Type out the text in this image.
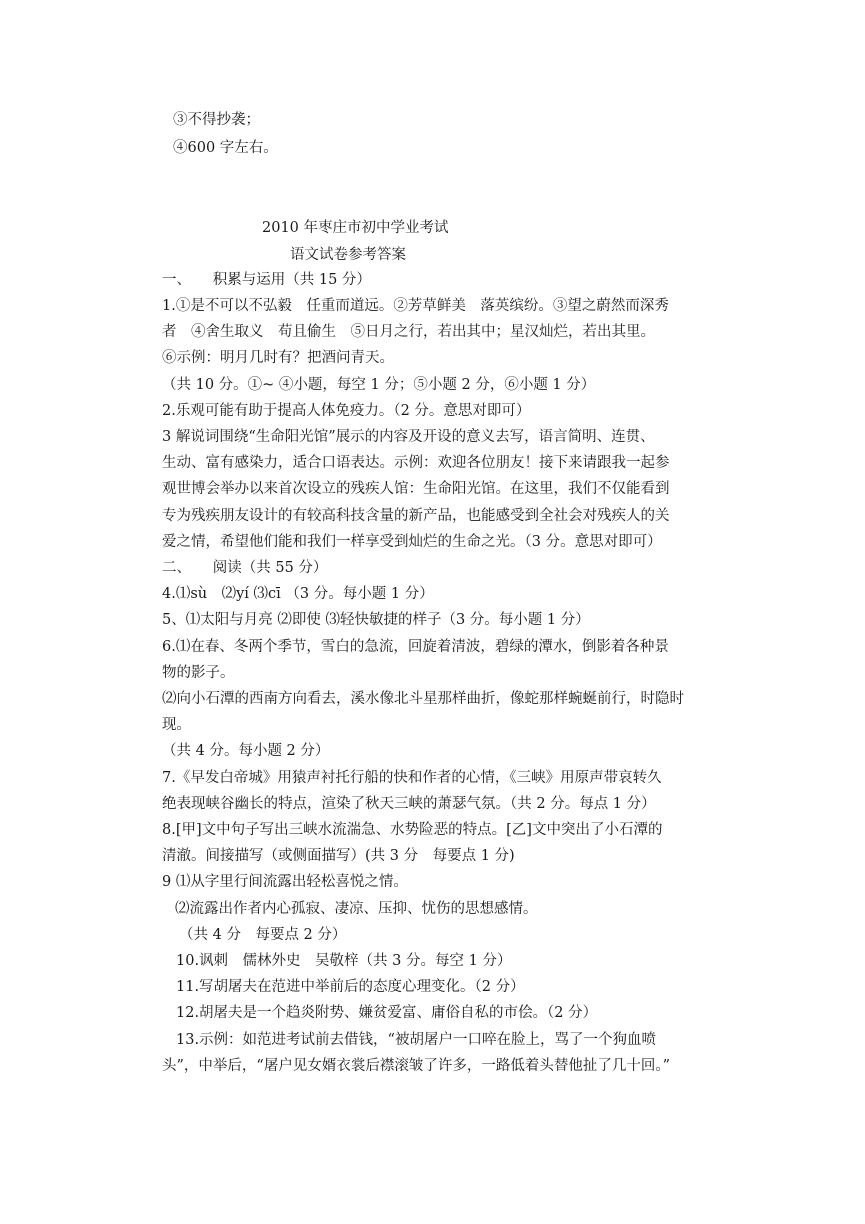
③不得抄袭；
④600 字左右。
2010 年枣庄市初中学业考试
语文试卷参考答案
一、　　积累与运用（共 15 分）
1.①是不可以不弘毅　任重而道远。②芳草鲜美　落英缤纷。③望之蔚然而深秀
者　④舍生取义　苟且偷生　⑤日月之行，若出其中；星汉灿烂，若出其里。
⑥示例：明月几时有？把酒问青天。
（共 10 分。①~ ④小题，每空 1 分；⑤小题 2 分，⑥小题 1 分）
2.乐观可能有助于提高人体免疫力。（2 分。意思对即可）
3 解说词围绕“生命阳光馆”展示的内容及开设的意义去写，语言简明、连贯、
生动、富有感染力，适合口语表达。示例：欢迎各位朋友！接下来请跟我一起参
观世博会举办以来首次设立的残疾人馆：生命阳光馆。在这里，我们不仅能看到
专为残疾朋友设计的有较高科技含量的新产品，也能感受到全社会对残疾人的关
爱之情，希望他们能和我们一样享受到灿烂的生命之光。（3 分。意思对即可）
二、　　阅读（共 55 分）
4.⑴sù　⑵yí ⑶cī （3 分。每小题 1 分）
5、⑴太阳与月亮 ⑵即使 ⑶轻快敏捷的样子（3 分。每小题 1 分）
6.⑴在春、冬两个季节，雪白的急流，回旋着清波，碧绿的潭水，倒影着各种景
物的影子。
⑵向小石潭的西南方向看去，溪水像北斗星那样曲折，像蛇那样蜿蜒前行，时隐时
现。
（共 4 分。每小题 2 分）
7.《早发白帝城》用猿声衬托行船的快和作者的心情，《三峡》用原声带哀转久
绝表现峡谷幽长的特点，渲染了秋天三峡的萧瑟气氛。（共 2 分。每点 1 分）
8.[甲]文中句子写出三峡水流湍急、水势险恶的特点。[乙]文中突出了小石潭的
清澈。间接描写（或侧面描写）(共 3 分　每要点 1 分)
9 ⑴从字里行间流露出轻松喜悦之情。
⑵流露出作者内心孤寂、凄凉、压抑、忧伤的思想感情。
（共 4 分　每要点 2 分）
10.讽刺　儒林外史　吴敬梓（共 3 分。每空 1 分）
11.写胡屠夫在范进中举前后的态度心理变化。（2 分）
12.胡屠夫是一个趋炎附势、嫌贫爱富、庸俗自私的市侩。（2 分）
13.示例：如范进考试前去借钱，“被胡屠户一口啐在脸上，骂了一个狗血喷
头”，中举后，“屠户见女婿衣裳后襟滚皱了许多，一路低着头替他扯了几十回。”
